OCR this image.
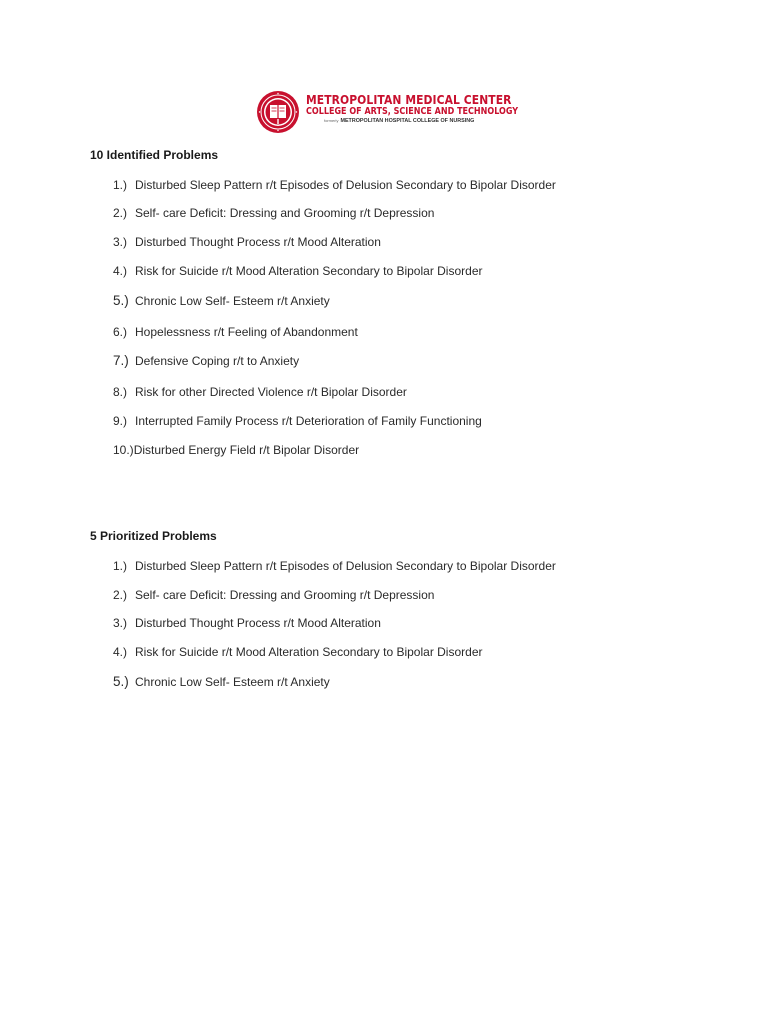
METROPOLITAN MEDICAL CENTER
COLLEGE OF ARTS, SCIENCE AND TECHNOLOGY
formerly METROPOLITAN HOSPITAL COLLEGE OF NURSING
10 Identified Problems
1.) Disturbed Sleep Pattern r/t Episodes of Delusion Secondary to Bipolar Disorder
2.) Self- care Deficit: Dressing and Grooming r/t Depression
3.) Disturbed Thought Process r/t Mood Alteration
4.) Risk for Suicide r/t Mood Alteration Secondary to Bipolar Disorder
5.) Chronic Low Self- Esteem r/t Anxiety
6.) Hopelessness r/t Feeling of Abandonment
7.) Defensive Coping r/t to Anxiety
8.) Risk for other Directed Violence r/t Bipolar Disorder
9.) Interrupted Family Process r/t Deterioration of Family Functioning
10.)Disturbed Energy Field r/t Bipolar Disorder
5 Prioritized Problems
1.) Disturbed Sleep Pattern r/t Episodes of Delusion Secondary to Bipolar Disorder
2.) Self- care Deficit: Dressing and Grooming r/t Depression
3.) Disturbed Thought Process r/t Mood Alteration
4.) Risk for Suicide r/t Mood Alteration Secondary to Bipolar Disorder
5.) Chronic Low Self- Esteem r/t Anxiety
